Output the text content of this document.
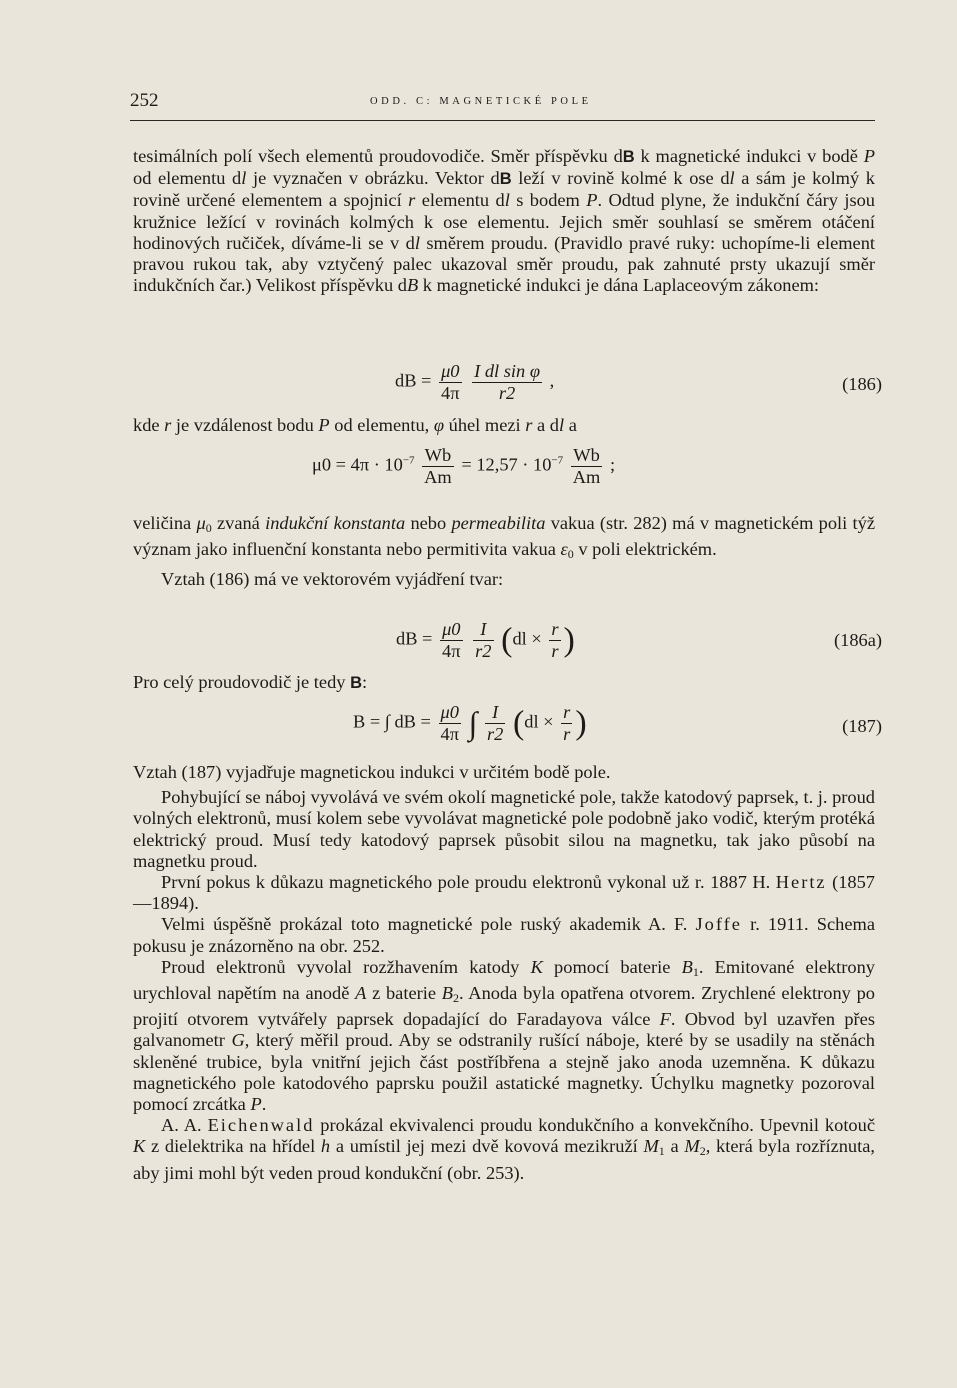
252	ODD. C: MAGNETICKÉ POLE

tesimálních polí všech elementů proudovodiče. Směr příspěvku dB k magnetické indukci v bodě P od elementu dl je vyznačen v obrázku. Vektor dB leží v rovině kolmé k ose dl a sám je kolmý k rovině určené elementem a spojnicí r elementu dl s bodem P. Odtud plyne, že indukční čáry jsou kružnice ležící v rovinách kolmých k ose elementu. Jejich směr souhlasí se směrem otáčení hodinových ručiček, díváme-li se v dl směrem proudu. (Pravidlo pravé ruky: uchopíme-li element pravou rukou tak, aby vztyčený palec ukazoval směr proudu, pak zahnuté prsty ukazují směr indukčních čar.) Velikost příspěvku dB k magnetické indukci je dána Laplaceovým zákonem:

dB = $\frac{\mu 0}{4\pi}$
$\frac{\text{I dl sin φ}}{r2}$ ,	(186)

kde r je vzdálenost bodu P od elementu, φ úhel mezi r a dl a

$\mu 0 = 4\pi \cdot 10^{-7} \frac{Wb}{Am} = 12,57 \cdot 10^{-7} \frac{Wb}{Am}$ ;

veličina $\mu_0$ zvaná indukční konstanta nebo permeabilita vakua (str. 282) má v magnetickém poli týž význam jako influenční konstanta nebo permitivita vakua $\varepsilon_0$ v poli elektrickém.

Vztah (186) má ve vektorovém vyjádření tvar:

dB = $\frac{\mu 0}{4\pi}$
$\frac{I}{r2} (dl \times \frac{r}{r}$ )	(186a)

Pro celý proudovodič je tedy B:

B = ∫ dB = $\frac{\mu 0}{4\pi}$ ∫ $\frac{I}{r2} (dl \times \frac{r}{r}$ )	(187)

Vztah (187) vyjadřuje magnetickou indukci v určitém bodě pole.

Pohybující se náboj vyvolává ve svém okolí magnetické pole, takže katodový paprsek, t. j. proud volných elektronů, musí kolem sebe vyvolávat magnetické pole podobně jako vodič, kterým protéká elektrický proud. Musí tedy katodový paprsek působit silou na magnetku, tak jako působí na magnetku proud.

První pokus k důkazu magnetického pole proudu elektronů vykonal už r. 1887 H. Hertz (1857—1894).

Velmi úspěšně prokázal toto magnetické pole ruský akademik A. F. Joffe r. 1911. Schema pokusu je znázorněno na obr. 252.

Proud elektronů vyvolal rozžhavením katody K pomocí baterie $B_1$. Emitované elektrony urychloval napětím na anodě A z baterie $B_2$. Anoda byla opatřena otvorem. Zrychlené elektrony po projití otvorem vytvářely paprsek dopadající do Faradayova válce F. Obvod byl uzavřen přes galvanometr G, který měřil proud. Aby se odstranily rušící náboje, které by se usadily na stěnách skleněné trubice, byla vnitřní jejich část postříbřena a stejně jako anoda uzemněna. K důkazu magnetického pole katodového paprsku použil astatické magnetky. Úchylku magnetky pozoroval pomocí zrcátka P.

A. A. Eichenwald prokázal ekvivalenci proudu kondukčního a konvekčního. Upevnil kotouč K z dielektrika na hřídel h a umístil jej mezi dvě kovová mezikruží $M_1$ a $M_2$, která byla rozříznuta, aby jimi mohl být veden proud kondukční (obr. 253).
